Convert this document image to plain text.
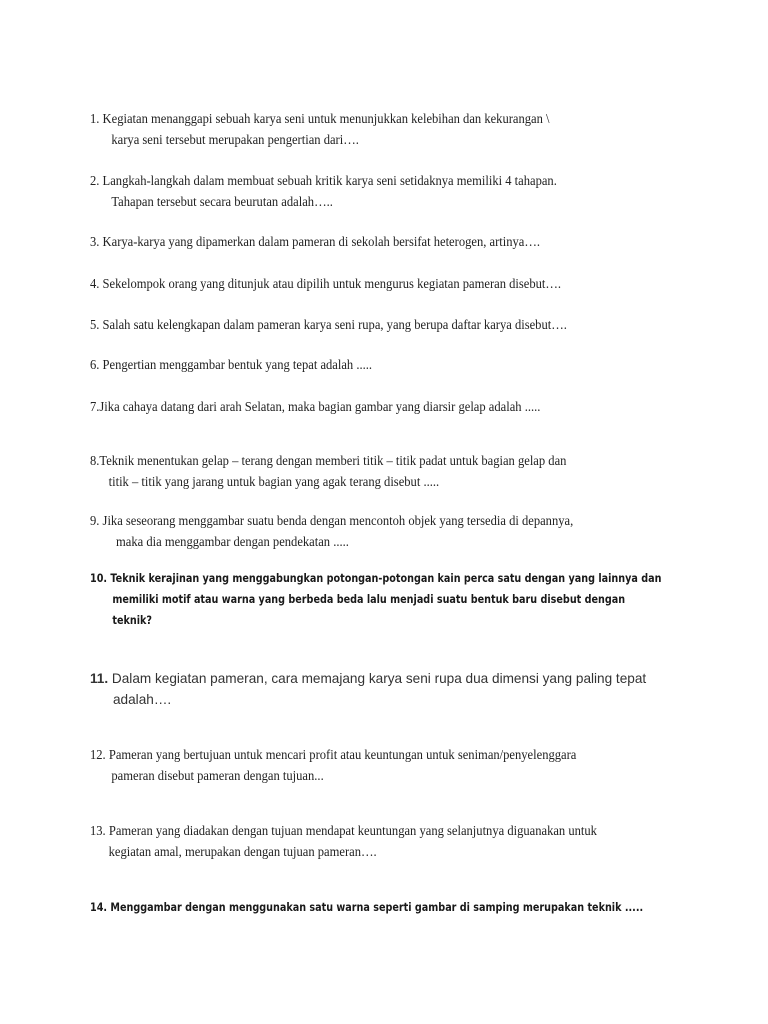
1. Kegiatan menanggapi sebuah karya seni untuk menunjukkan kelebihan dan kekurangan \
karya seni tersebut merupakan pengertian dari….
2. Langkah-langkah dalam membuat sebuah kritik karya seni setidaknya memiliki 4 tahapan.
Tahapan tersebut secara beurutan adalah…..
3. Karya-karya yang dipamerkan dalam pameran di sekolah bersifat heterogen, artinya….
4. Sekelompok orang yang ditunjuk atau dipilih untuk mengurus kegiatan pameran disebut….
5. Salah satu kelengkapan dalam pameran karya seni rupa, yang berupa daftar karya disebut….
6. Pengertian menggambar bentuk yang tepat adalah .....
7.Jika cahaya datang dari arah Selatan, maka bagian gambar yang diarsir gelap adalah .....
8.Teknik menentukan gelap – terang dengan memberi titik – titik padat untuk bagian gelap dan
titik – titik yang jarang untuk bagian yang agak terang disebut .....
9. Jika seseorang menggambar suatu benda dengan mencontoh objek yang tersedia di depannya,
maka dia menggambar dengan pendekatan .....
10. Teknik kerajinan yang menggabungkan potongan-potongan kain perca satu dengan yang lainnya dan
memiliki motif atau warna yang berbeda beda lalu menjadi suatu bentuk baru disebut dengan
teknik?
11. Dalam kegiatan pameran, cara memajang karya seni rupa dua dimensi yang paling tepat
adalah….
12. Pameran yang bertujuan untuk mencari profit atau keuntungan untuk seniman/penyelenggara
pameran disebut pameran dengan tujuan...
13. Pameran yang diadakan dengan tujuan mendapat keuntungan yang selanjutnya diguanakan untuk
kegiatan amal, merupakan dengan tujuan pameran….
14. Menggambar dengan menggunakan satu warna seperti gambar di samping merupakan teknik .....
